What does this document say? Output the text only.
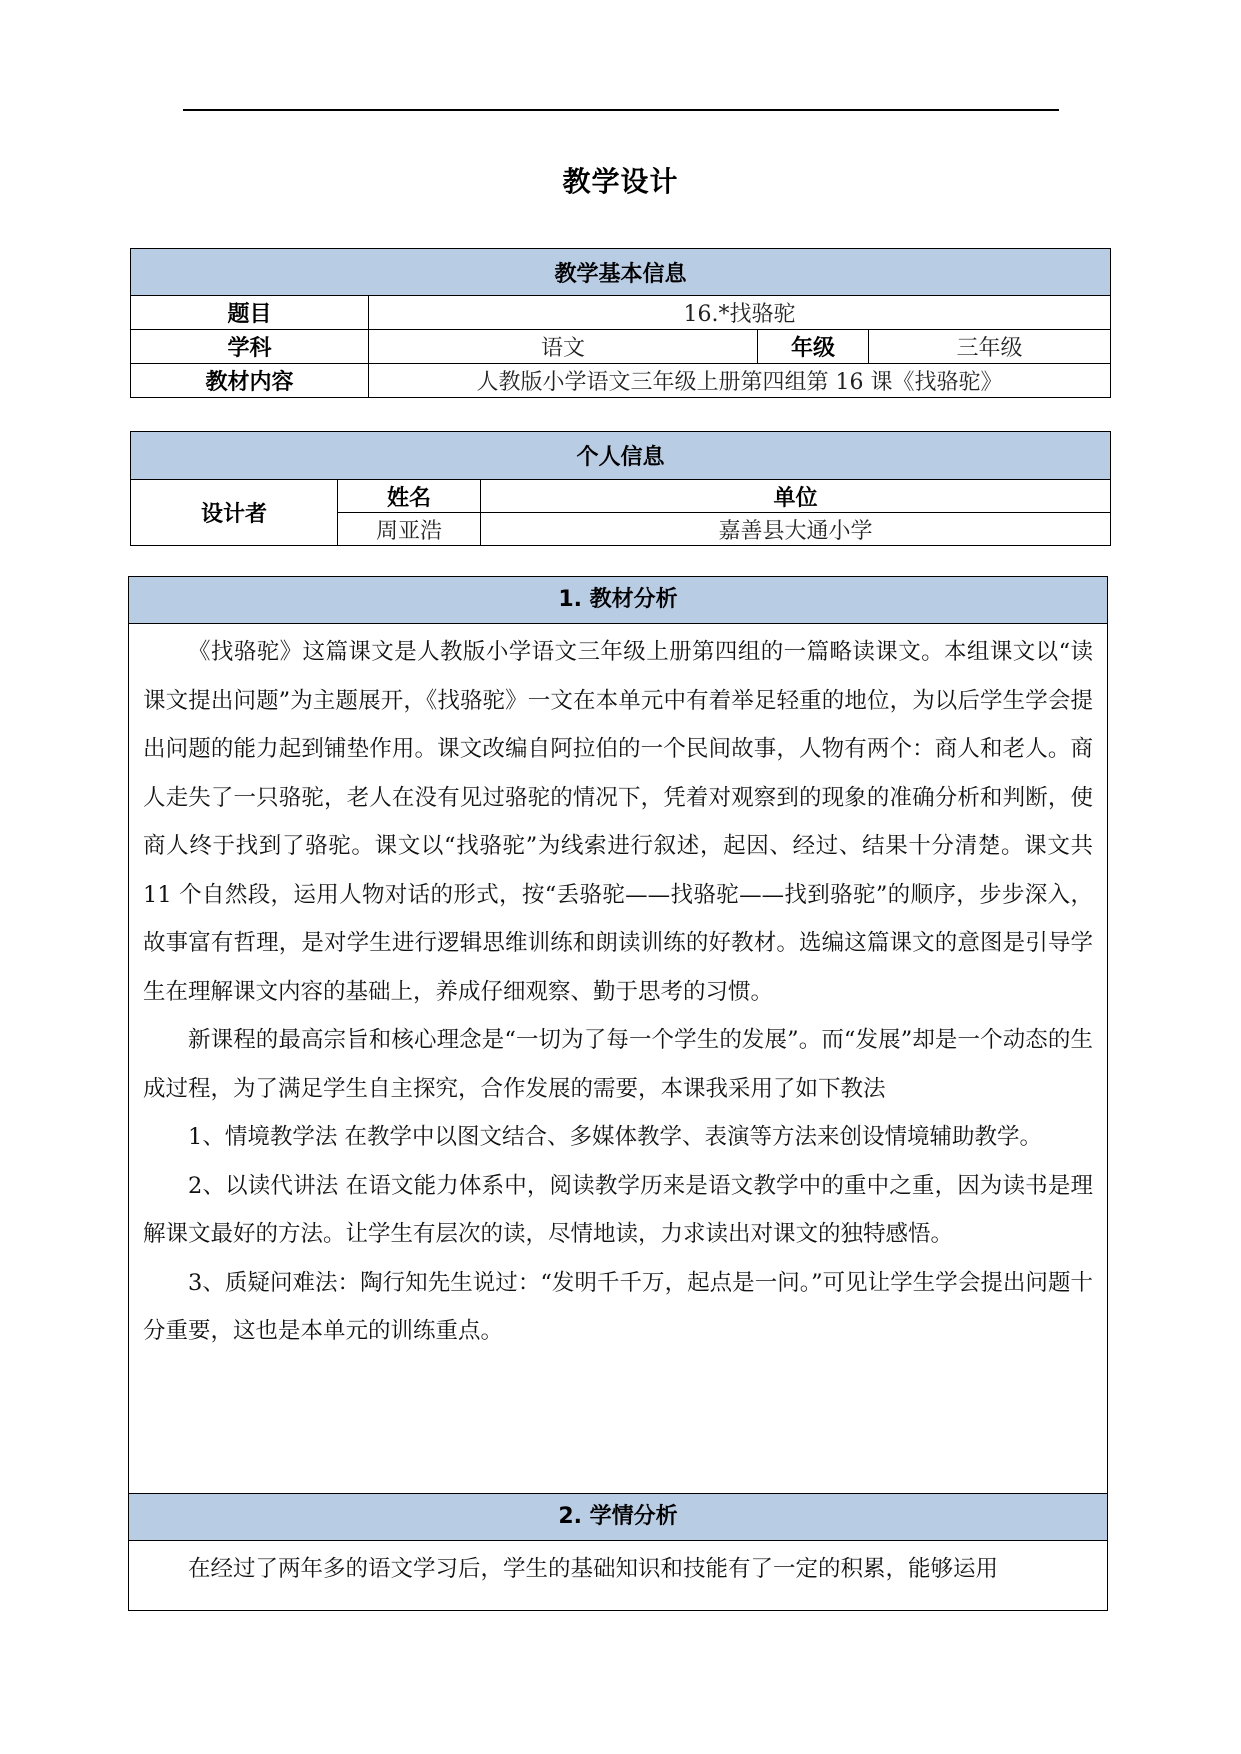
教学设计
教学基本信息			
题目	16.*找骆驼		
学科	语文	年级	三年级
教材内容	人教版小学语文三年级上册第四组第 16 课《找骆驼》		
个人信息		
设计者	姓名	单位
	周亚浩	嘉善县大通小学
1. 教材分析

《找骆驼》这篇课文是人教版小学语文三年级上册第四组的一篇略读课文。本组课文以“读课文提出问题”为主题展开，《找骆驼》一文在本单元中有着举足轻重的地位，为以后学生学会提出问题的能力起到铺垫作用。课文改编自阿拉伯的一个民间故事，人物有两个：商人和老人。商人走失了一只骆驼，老人在没有见过骆驼的情况下，凭着对观察到的现象的准确分析和判断，使商人终于找到了骆驼。课文以“找骆驼”为线索进行叙述，起因、经过、结果十分清楚。课文共 11 个自然段，运用人物对话的形式，按“丢骆驼——找骆驼——找到骆驼”的顺序，步步深入，故事富有哲理，是对学生进行逻辑思维训练和朗读训练的好教材。选编这篇课文的意图是引导学生在理解课文内容的基础上，养成仔细观察、勤于思考的习惯。

新课程的最高宗旨和核心理念是“一切为了每一个学生的发展”。而“发展”却是一个动态的生成过程，为了满足学生自主探究，合作发展的需要，本课我采用了如下教法

1、情境教学法 在教学中以图文结合、多媒体教学、表演等方法来创设情境辅助教学。

2、以读代讲法 在语文能力体系中，阅读教学历来是语文教学中的重中之重，因为读书是理解课文最好的方法。让学生有层次的读，尽情地读，力求读出对课文的独特感悟。

3、质疑问难法：陶行知先生说过：“发明千千万，起点是一问。”可见让学生学会提出问题十分重要，这也是本单元的训练重点。

2. 学情分析

在经过了两年多的语文学习后，学生的基础知识和技能有了一定的积累，能够运用
